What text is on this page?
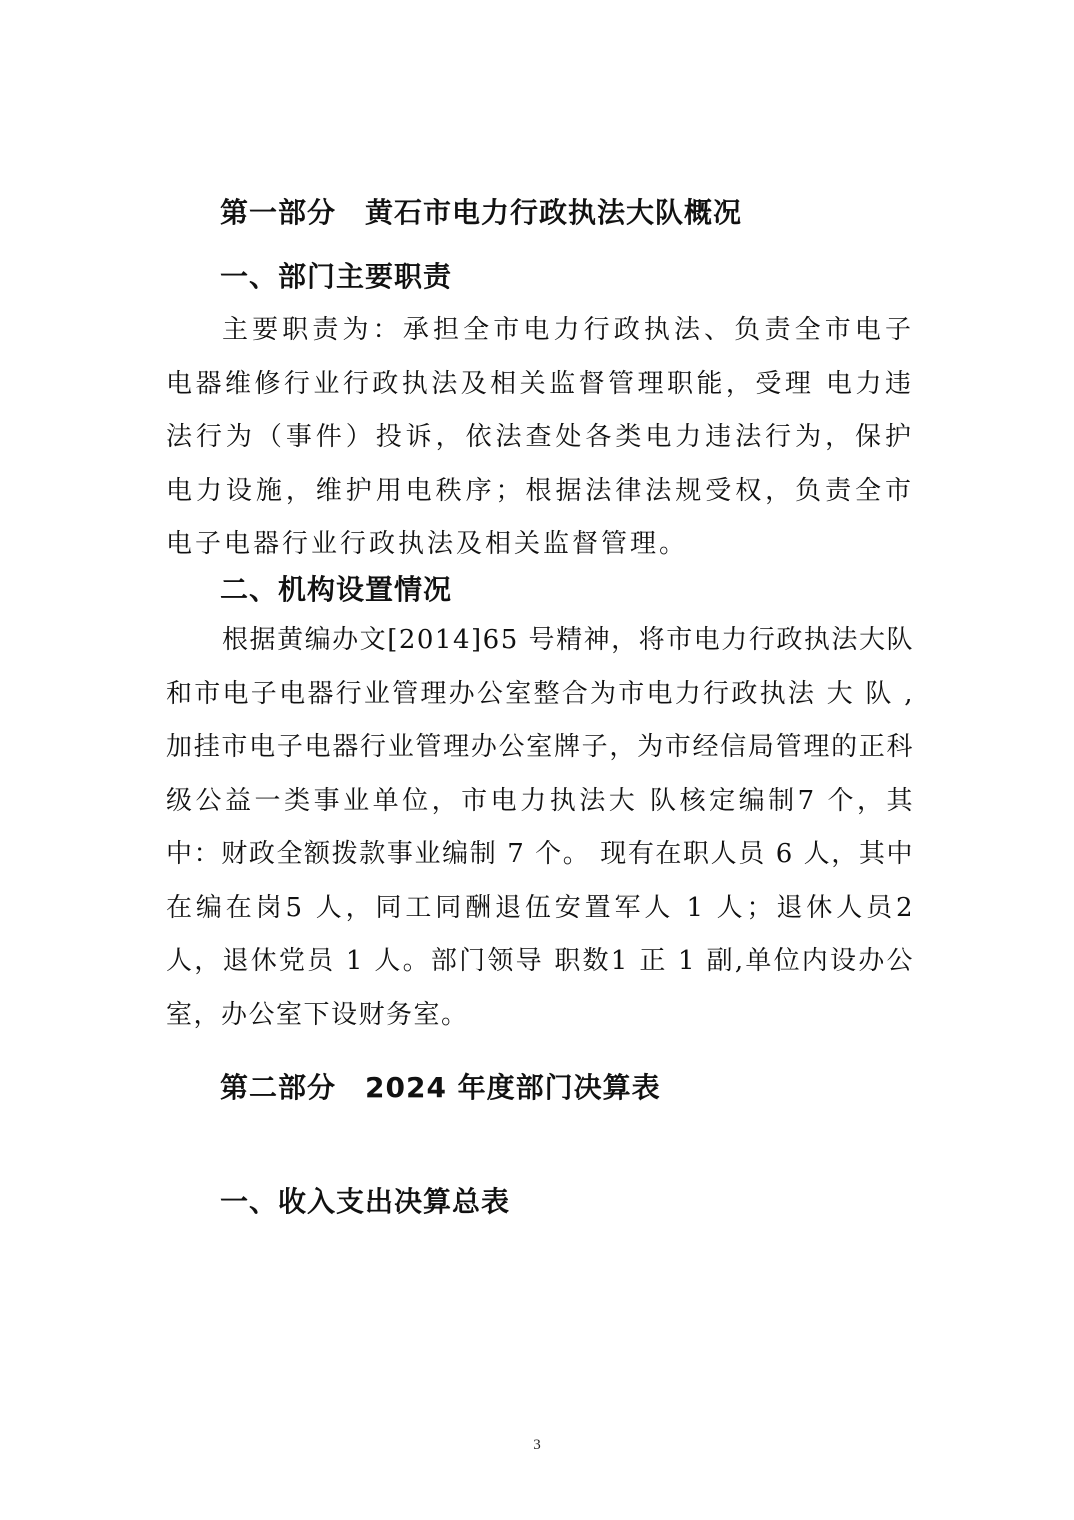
第一部分　黄石市电力行政执法大队概况
一、部门主要职责

主要职责为：承担全市电力行政执法、负责全市电子电器维修行业行政执法及相关监督管理职能，受理 电力违法行为（事件）投诉，依法查处各类电力违法行为，保护电力设施，维护用电秩序；根据法律法规受权，负责全市电子电器行业行政执法及相关监督管理。

二、机构设置情况

根据黄编办文[2014]65 号精神，将市电力行政执法大队和市电子电器行业管理办公室整合为市电力行政执法 大 队 ,加挂市电子电器行业管理办公室牌子，为市经信局管理的正科级公益一类事业单位，市电力执法大 队核定编制7 个，其中：财政全额拨款事业编制 7 个。 现有在职人员 6 人，其中在编在岗5 人，同工同酬退伍安置军人 1 人；退休人员2 人，退休党员 1 人。部门领导 职数1 正 1 副,单位内设办公室，办公室下设财务室。

第二部分　2024 年度部门决算表
一、收入支出决算总表
3
